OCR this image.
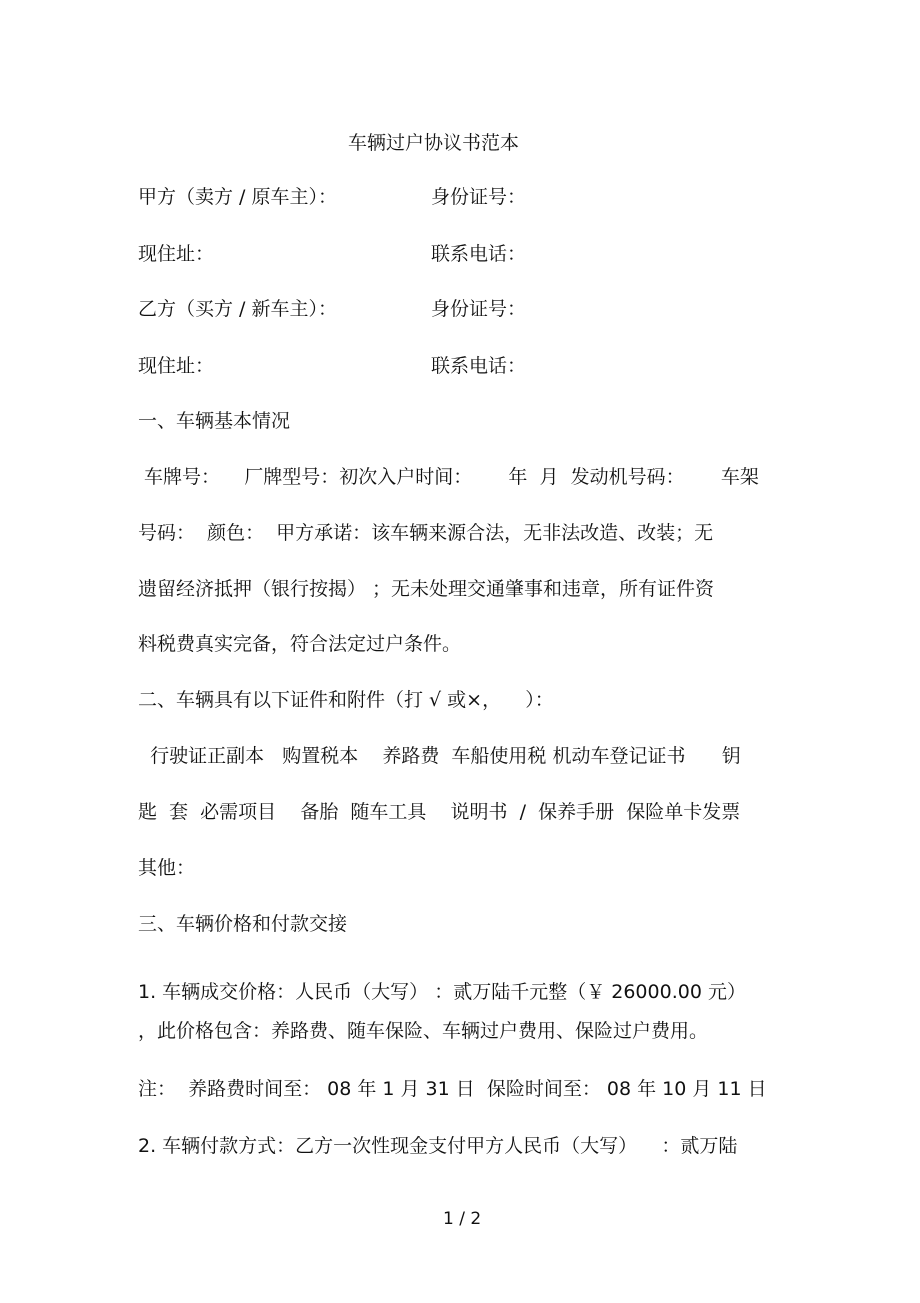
车辆过户协议书范本
甲方（卖方 / 原车主）：	身份证号：
现住址：	联系电话：
乙方（买方 / 新车主）：	身份证号：
现住址：	联系电话：
一、车辆基本情况
车牌号：    厂牌型号：初次入户时间：      年  月  发动机号码：      车架
号码：  颜色：  甲方承诺：该车辆来源合法，无非法改造、改装；无
遗留经济抵押（银行按揭） ；无未处理交通肇事和违章，所有证件资
料税费真实完备，符合法定过户条件。
二、车辆具有以下证件和附件（打 √ 或×，    ）：
行驶证正副本   购置税本    养路费  车船使用税 机动车登记证书      钥
匙  套  必需项目    备胎  随车工具    说明书  /  保养手册  保险单卡发票
其他：
三、车辆价格和付款交接
1. 车辆成交价格：人民币（大写） ：贰万陆千元整（￥ 26000.00 元）
，此价格包含：养路费、随车保险、车辆过户费用、保险过户费用。
注：  养路费时间至： 08 年 1 月 31 日  保险时间至： 08 年 10 月 11 日
2. 车辆付款方式：乙方一次性现金支付甲方人民币（大写）    ：贰万陆
1 / 2
